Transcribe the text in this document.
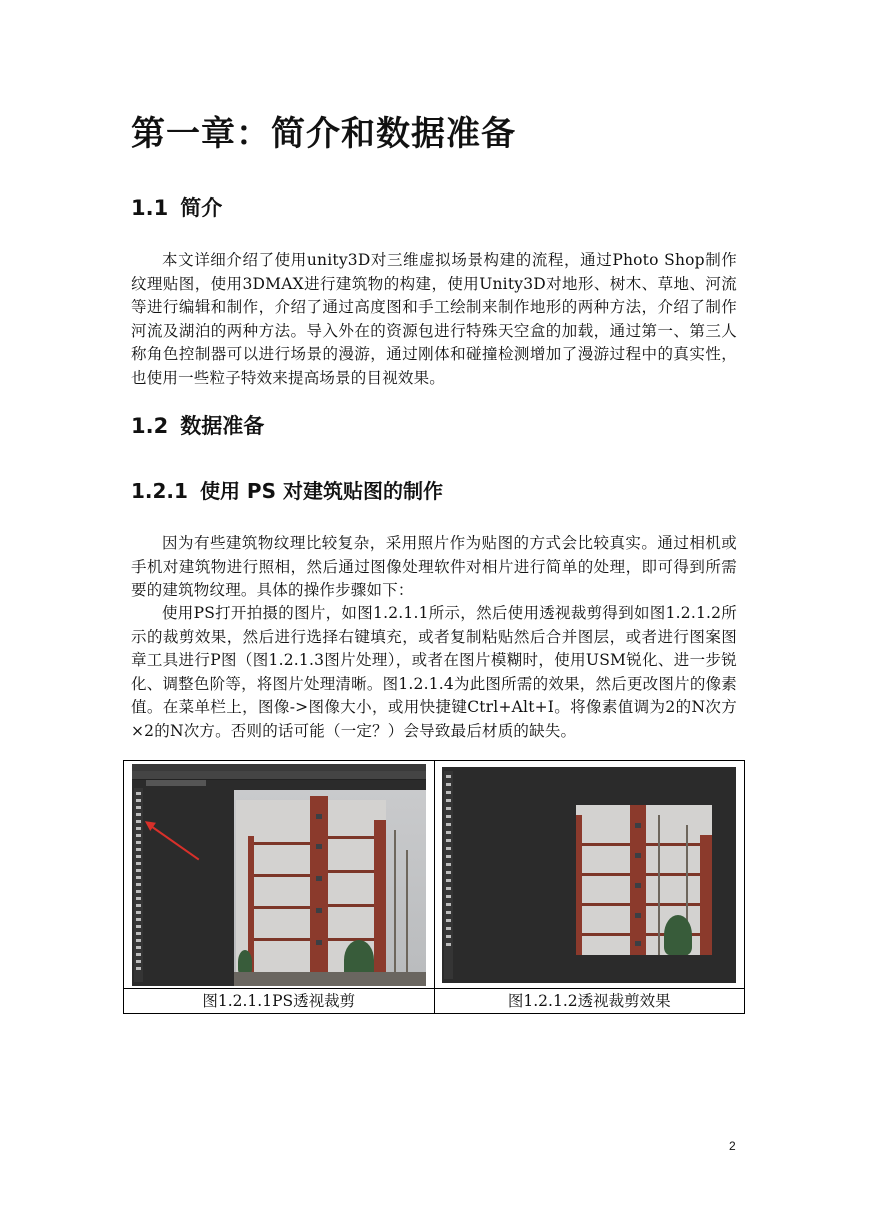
第一章：简介和数据准备
1.1 简介

本文详细介绍了使用unity3D对三维虚拟场景构建的流程，通过Photo Shop制作纹理贴图，使用3DMAX进行建筑物的构建，使用Unity3D对地形、树木、草地、河流等进行编辑和制作，介绍了通过高度图和手工绘制来制作地形的两种方法，介绍了制作河流及湖泊的两种方法。导入外在的资源包进行特殊天空盒的加载，通过第一、第三人称角色控制器可以进行场景的漫游，通过刚体和碰撞检测增加了漫游过程中的真实性，也使用一些粒子特效来提高场景的目视效果。

1.2 数据准备
1.2.1 使用 PS 对建筑贴图的制作

因为有些建筑物纹理比较复杂，采用照片作为贴图的方式会比较真实。通过相机或手机对建筑物进行照相，然后通过图像处理软件对相片进行简单的处理，即可得到所需要的建筑物纹理。具体的操作步骤如下：

使用PS打开拍摄的图片，如图1.2.1.1所示，然后使用透视裁剪得到如图1.2.1.2所示的裁剪效果，然后进行选择右键填充，或者复制粘贴然后合并图层，或者进行图案图章工具进行P图（图1.2.1.3图片处理），或者在图片模糊时，使用USM锐化、进一步锐化、调整色阶等，将图片处理清晰。图1.2.1.4为此图所需的效果，然后更改图片的像素值。在菜单栏上，图像->图像大小，或用快捷键Ctrl+Alt+I。将像素值调为2的N次方×2的N次方。否则的话可能（一定？）会导致最后材质的缺失。

图1.2.1.1PS透视裁剪	图1.2.1.2透视裁剪效果

2
